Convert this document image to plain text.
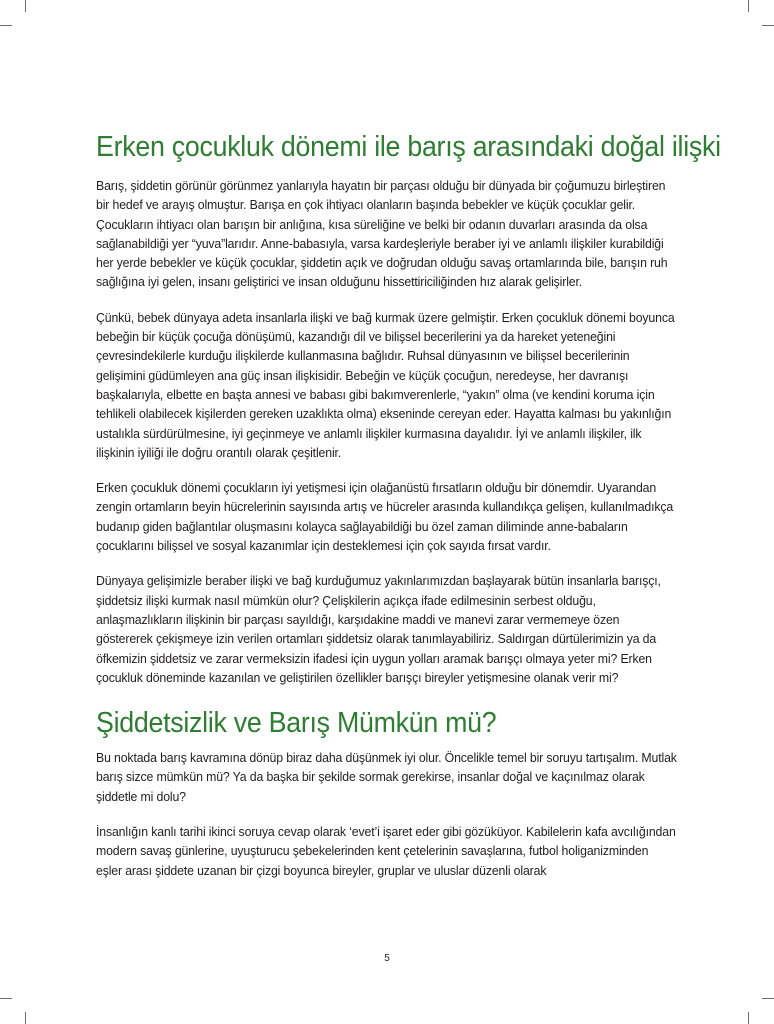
Erken çocukluk dönemi ile barış arasındaki doğal ilişki

Barış, şiddetin görünür görünmez yanlarıyla hayatın bir parçası olduğu bir dünyada bir çoğumuzu birleştiren bir hedef ve arayış olmuştur. Barışa en çok ihtiyacı olanların başında bebekler ve küçük çocuklar gelir. Çocukların ihtiyacı olan barışın bir anlığına, kısa süreliğine ve belki bir odanın duvarları arasında da olsa sağlanabildiği yer “yuva”larıdır. Anne-babasıyla, varsa kardeşleriyle beraber iyi ve anlamlı ilişkiler kurabildiği her yerde bebekler ve küçük çocuklar, şiddetin açık ve doğrudan olduğu savaş ortamlarında bile, barışın ruh sağlığına iyi gelen, insanı geliştirici ve insan olduğunu hissettiriciliğinden hız alarak gelişirler.

Çünkü, bebek dünyaya adeta insanlarla ilişki ve bağ kurmak üzere gelmiştir. Erken çocukluk dönemi boyunca bebeğin bir küçük çocuğa dönüşümü, kazandığı dil ve bilişsel becerilerini ya da hareket yeteneğini çevresindekilerle kurduğu ilişkilerde kullanmasına bağlıdır. Ruhsal dünyasının ve bilişsel becerilerinin gelişimini güdümleyen ana güç insan ilişkisidir. Bebeğin ve küçük çocuğun, neredeyse, her davranışı başkalarıyla, elbette en başta annesi ve babası gibi bakımverenlerle, “yakın” olma (ve kendini koruma için tehlikeli olabilecek kişilerden gereken uzaklıkta olma) ekseninde cereyan eder. Hayatta kalması bu yakınlığın ustalıkla sürdürülmesine, iyi geçinmeye ve anlamlı ilişkiler kurmasına dayalıdır. İyi ve anlamlı ilişkiler, ilk ilişkinin iyiliği ile doğru orantılı olarak çeşitlenir.

Erken çocukluk dönemi çocukların iyi yetişmesi için olağanüstü fırsatların olduğu bir dönemdir. Uyarandan zengin ortamların beyin hücrelerinin sayısında artış ve hücreler arasında kullandıkça gelişen, kullanılmadıkça budanıp giden bağlantılar oluşmasını kolayca sağlayabildiği bu özel zaman diliminde anne-babaların çocuklarını bilişsel ve sosyal kazanımlar için desteklemesi için çok sayıda fırsat vardır.

Dünyaya gelişimizle beraber ilişki ve bağ kurduğumuz yakınlarımızdan başlayarak bütün insanlarla barışçı, şiddetsiz ilişki kurmak nasıl mümkün olur? Çelişkilerin açıkça ifade edilmesinin serbest olduğu, anlaşmazlıkların ilişkinin bir parçası sayıldığı, karşıdakine maddi ve manevi zarar vermemeye özen göstererek çekişmeye izin verilen ortamları şiddetsiz olarak tanımlayabiliriz. Saldırgan dürtülerimizin ya da öfkemizin şiddetsiz ve zarar vermeksizin ifadesi için uygun yolları aramak barışçı olmaya yeter mi? Erken çocukluk döneminde kazanılan ve geliştirilen özellikler barışçı bireyler yetişmesine olanak verir mi?

Şiddetsizlik ve Barış Mümkün mü?

Bu noktada barış kavramına dönüp biraz daha düşünmek iyi olur. Öncelikle temel bir soruyu tartışalım. Mutlak barış sizce mümkün mü? Ya da başka bir şekilde sormak gerekirse, insanlar doğal ve kaçınılmaz olarak şiddetle mi dolu?

İnsanlığın kanlı tarihi ikinci soruya cevap olarak ‘evet’i işaret eder gibi gözüküyor. Kabilelerin kafa avcılığından modern savaş günlerine, uyuşturucu şebekelerinden kent çetelerinin savaşlarına, futbol holiganizminden eşler arası şiddete uzanan bir çizgi boyunca bireyler, gruplar ve uluslar düzenli olarak

5
